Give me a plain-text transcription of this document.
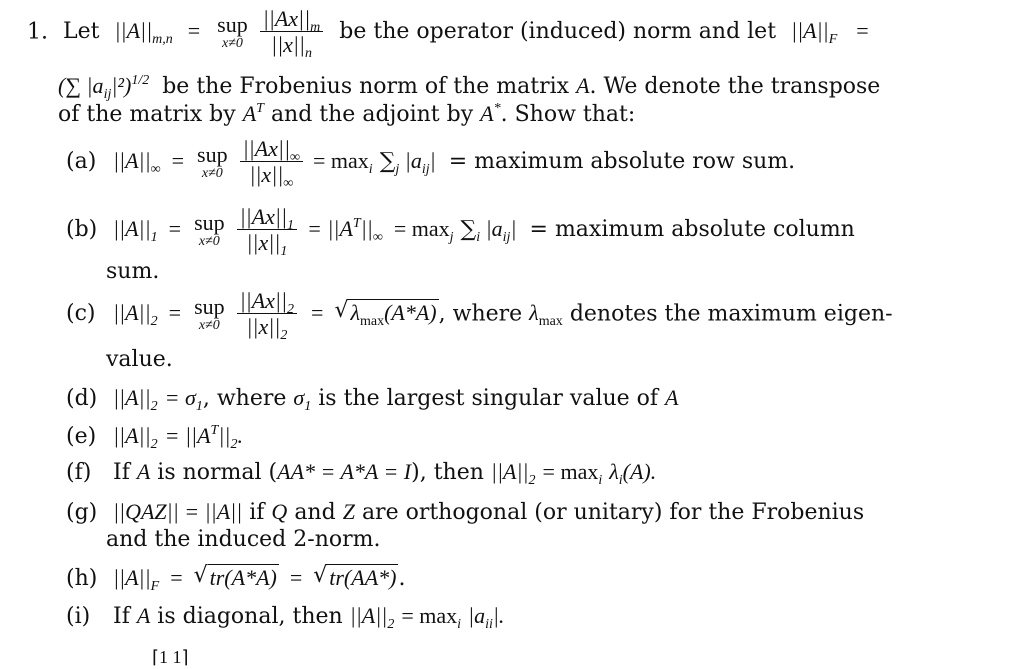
1. Let $||A||_{m,n}$ = sup
x≠0
$\frac{||Ax||_m}{||x||_n}$ be the operator (induced) norm and let $||A||_F$ =
(∑ $|a_{ij}|^2)^{1/2}$ be the Frobenius norm of the matrix A. We denote the transpose
of the matrix by $A^T$ and the adjoint by A*. Show that:
(a) $||A||_\infty$ = sup
x≠0
$\frac{||Ax||_\infty}{||x||_\infty} = \max_i \sum_j$ $|a_{ij}|$ = maximum absolute row sum.
(b) $||A||_1$ = sup
x≠0
$\frac{||Ax||_1}{||x||_1} = ||A^T||_\infty = \max_j \sum_i$ $|a_{ij}|$ = maximum absolute column
sum.
(c) $||A||_2$ = sup
x≠0
$\frac{||Ax||_2}{||x||_2}$ = √ $\lambda_{max}(A*A)$, where $\lambda_{max}$ denotes the maximum eigen-
value.
(d) $||A||_2 = \sigma_1$, where $\sigma_1$ is the largest singular value of A
(e) $||A||_2 = ||A^T||_2$.
(f) If A is normal (AA* = A*A = I), then $||A||_2 = \max_i \lambda_i(A)$.
(g) ||QAZ|| = ||A|| if Q and Z are orthogonal (or unitary) for the Frobenius
and the induced 2-norm.
(h) $||A||_F$ = √ tr(A*A) = √ tr(AA*).
(i) If A is diagonal, then $||A||_2 = \max_i |a_{ii}|$.
⌈1 1⌉
